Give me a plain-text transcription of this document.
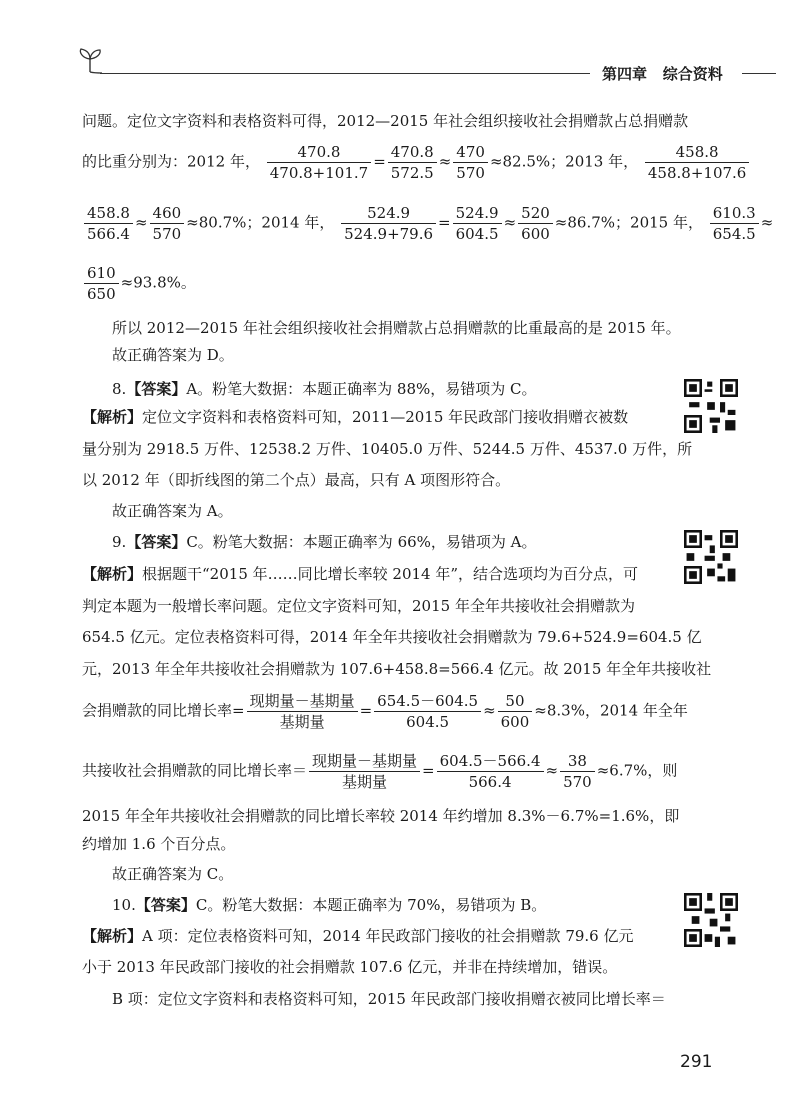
第四章 综合资料
问题。定位文字资料和表格资料可得，2012—2015 年社会组织接收社会捐赠款占总捐赠款
的比重分别为：2012 年， $\frac{470.8}{470.8+101.7} = \frac{470.8}{572.5} \approx \frac{470}{570} \approx 82.5\%$；2013 年， $\frac{458.8}{458.8+107.6}$
$\frac{458.8}{566.4} \approx \frac{460}{570} \approx 80.7\%$；2014 年， $\frac{524.9}{524.9+79.6} = \frac{524.9}{604.5} \approx \frac{520}{600} \approx 86.7\%$；2015 年， $\frac{610.3}{654.5}$ ≈
$\frac{610}{650} \approx 93.8\%$。
所以 2012—2015 年社会组织接收社会捐赠款占总捐赠款的比重最高的是 2015 年。
故正确答案为 D。
8.【答案】A。粉笔大数据：本题正确率为 88%，易错项为 C。
【解析】定位文字资料和表格资料可知，2011—2015 年民政部门接收捐赠衣被数
量分别为 2918.5 万件、12538.2 万件、10405.0 万件、5244.5 万件、4537.0 万件，所
以 2012 年（即折线图的第二个点）最高，只有 A 项图形符合。
故正确答案为 A。
9.【答案】C。粉笔大数据：本题正确率为 66%，易错项为 A。
【解析】根据题干“2015 年……同比增长率较 2014 年”，结合选项均为百分点，可
判定本题为一般增长率问题。定位文字资料可知，2015 年全年共接收社会捐赠款为
654.5 亿元。定位表格资料可得，2014 年全年共接收社会捐赠款为 79.6+524.9=604.5 亿
元，2013 年全年共接收社会捐赠款为 107.6+458.8=566.4 亿元。故 2015 年全年共接收社
会捐赠款的同比增长率= $\frac{\text{现期量－基期量}}{\text{基期量}} = \frac{654.5-604.5}{604.5} \approx \frac{50}{600} \approx 8.3\%$，2014 年全年
共接收社会捐赠款的同比增长率＝ $\frac{\text{现期量－基期量}}{\text{基期量}} = \frac{604.5-566.4}{566.4} \approx \frac{38}{570} \approx 6.7\%$，则
2015 年全年共接收社会捐赠款的同比增长率较 2014 年约增加 8.3%－6.7%=1.6%，即
约增加 1.6 个百分点。
故正确答案为 C。
10.【答案】C。粉笔大数据：本题正确率为 70%，易错项为 B。
【解析】A 项：定位表格资料可知，2014 年民政部门接收的社会捐赠款 79.6 亿元
小于 2013 年民政部门接收的社会捐赠款 107.6 亿元，并非在持续增加，错误。
B 项：定位文字资料和表格资料可知，2015 年民政部门接收捐赠衣被同比增长率＝
291
